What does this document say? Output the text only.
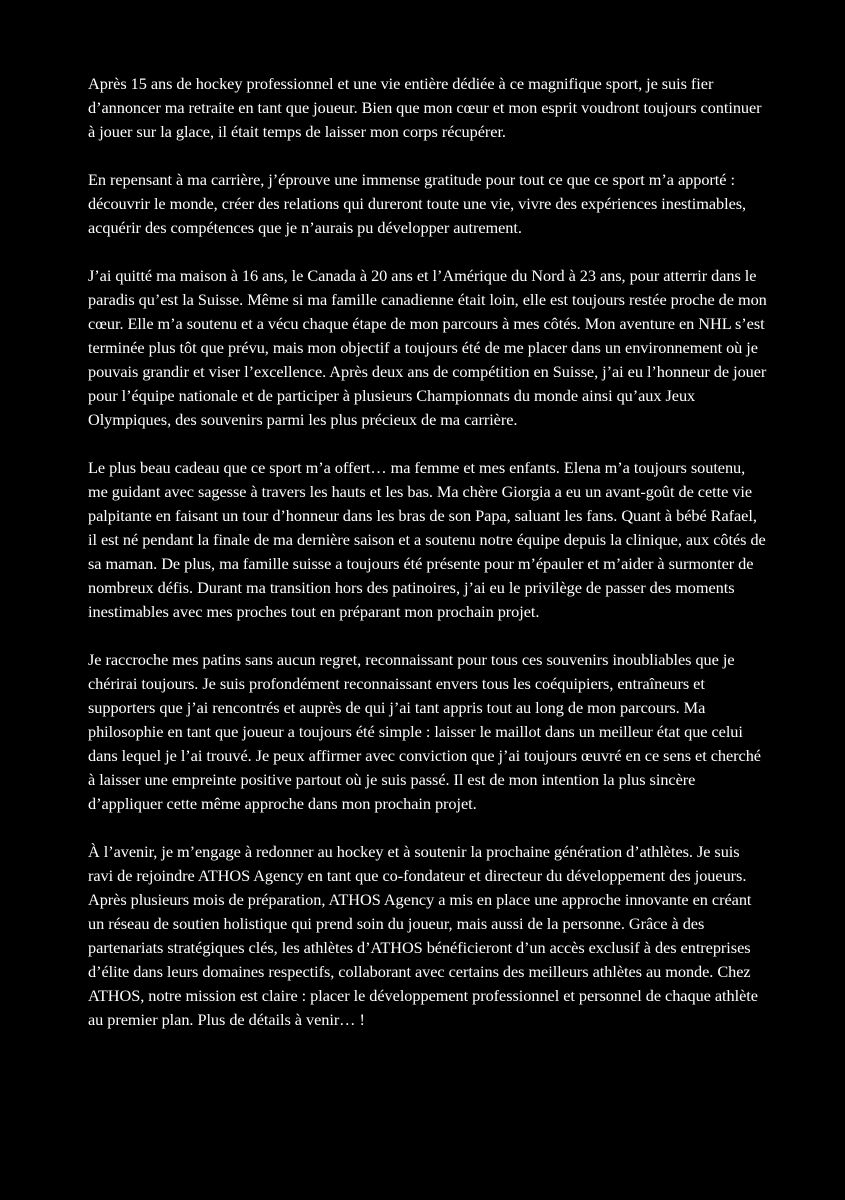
Après 15 ans de hockey professionnel et une vie entière dédiée à ce magnifique sport, je suis fier d’annoncer ma retraite en tant que joueur. Bien que mon cœur et mon esprit voudront toujours continuer à jouer sur la glace, il était temps de laisser mon corps récupérer.

En repensant à ma carrière, j’éprouve une immense gratitude pour tout ce que ce sport m’a apporté : découvrir le monde, créer des relations qui dureront toute une vie, vivre des expériences inestimables, acquérir des compétences que je n’aurais pu développer autrement.

J’ai quitté ma maison à 16 ans, le Canada à 20 ans et l’Amérique du Nord à 23 ans, pour atterrir dans le paradis qu’est la Suisse. Même si ma famille canadienne était loin, elle est toujours restée proche de mon cœur. Elle m’a soutenu et a vécu chaque étape de mon parcours à mes côtés. Mon aventure en NHL s’est terminée plus tôt que prévu, mais mon objectif a toujours été de me placer dans un environnement où je pouvais grandir et viser l’excellence. Après deux ans de compétition en Suisse, j’ai eu l’honneur de jouer pour l’équipe nationale et de participer à plusieurs Championnats du monde ainsi qu’aux Jeux Olympiques, des souvenirs parmi les plus précieux de ma carrière.

Le plus beau cadeau que ce sport m’a offert… ma femme et mes enfants. Elena m’a toujours soutenu, me guidant avec sagesse à travers les hauts et les bas. Ma chère Giorgia a eu un avant-goût de cette vie palpitante en faisant un tour d’honneur dans les bras de son Papa, saluant les fans. Quant à bébé Rafael, il est né pendant la finale de ma dernière saison et a soutenu notre équipe depuis la clinique, aux côtés de sa maman. De plus, ma famille suisse a toujours été présente pour m’épauler et m’aider à surmonter de nombreux défis. Durant ma transition hors des patinoires, j’ai eu le privilège de passer des moments inestimables avec mes proches tout en préparant mon prochain projet.

Je raccroche mes patins sans aucun regret, reconnaissant pour tous ces souvenirs inoubliables que je chérirai toujours. Je suis profondément reconnaissant envers tous les coéquipiers, entraîneurs et supporters que j’ai rencontrés et auprès de qui j’ai tant appris tout au long de mon parcours. Ma philosophie en tant que joueur a toujours été simple : laisser le maillot dans un meilleur état que celui dans lequel je l’ai trouvé. Je peux affirmer avec conviction que j’ai toujours œuvré en ce sens et cherché à laisser une empreinte positive partout où je suis passé. Il est de mon intention la plus sincère d’appliquer cette même approche dans mon prochain projet.

À l’avenir, je m’engage à redonner au hockey et à soutenir la prochaine génération d’athlètes. Je suis ravi de rejoindre ATHOS Agency en tant que co-fondateur et directeur du développement des joueurs. Après plusieurs mois de préparation, ATHOS Agency a mis en place une approche innovante en créant un réseau de soutien holistique qui prend soin du joueur, mais aussi de la personne. Grâce à des partenariats stratégiques clés, les athlètes d’ATHOS bénéficieront d’un accès exclusif à des entreprises d’élite dans leurs domaines respectifs, collaborant avec certains des meilleurs athlètes au monde. Chez ATHOS, notre mission est claire : placer le développement professionnel et personnel de chaque athlète au premier plan. Plus de détails à venir… !
